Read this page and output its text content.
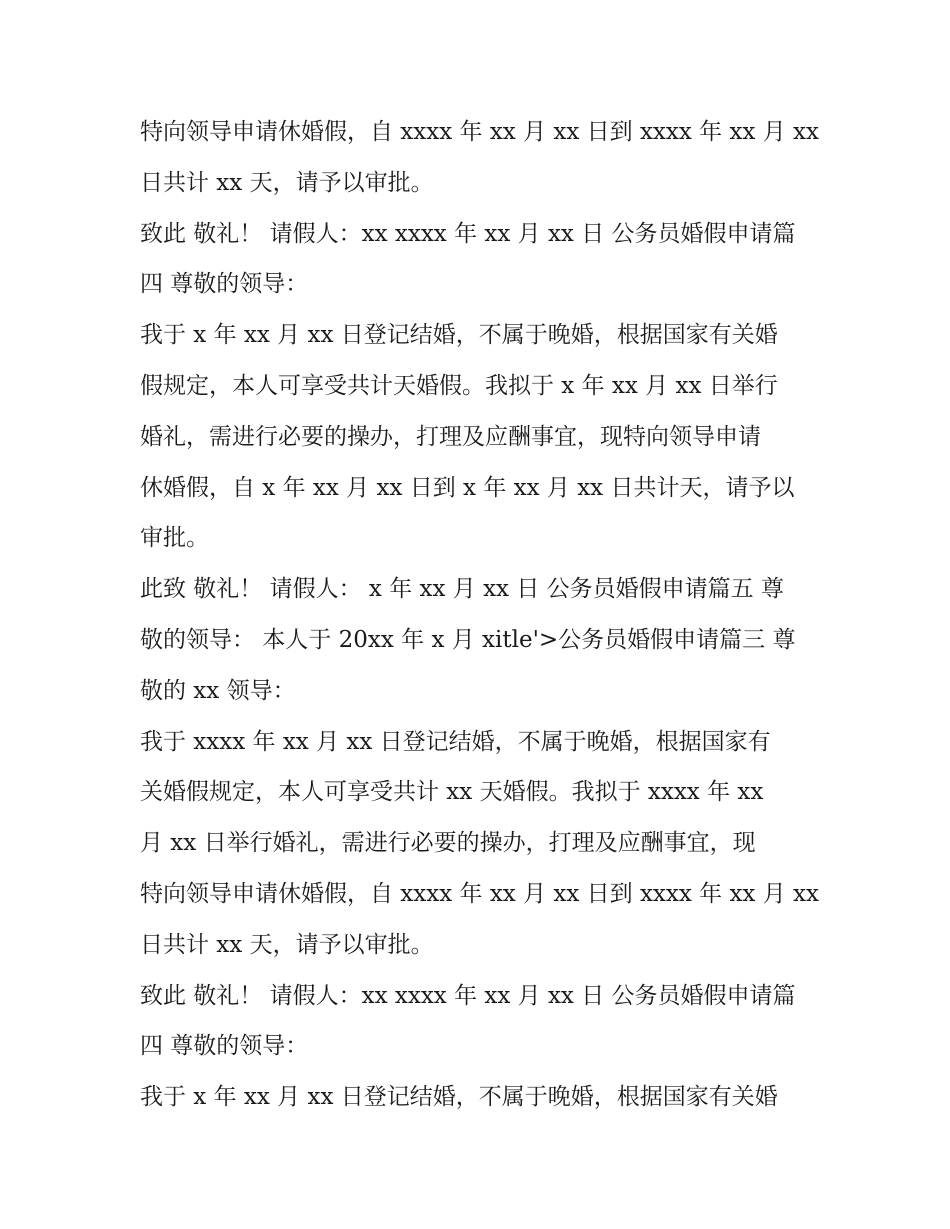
特向领导申请休婚假，自 xxxx 年 xx 月 xx 日到 xxxx 年 xx 月 xx
日共计 xx 天，请予以审批。
致此 敬礼！ 请假人：xx xxxx 年 xx 月 xx 日 公务员婚假申请篇
四 尊敬的领导：
我于 x 年 xx 月 xx 日登记结婚，不属于晚婚，根据国家有关婚
假规定，本人可享受共计天婚假。我拟于 x 年 xx 月 xx 日举行
婚礼，需进行必要的操办，打理及应酬事宜，现特向领导申请
休婚假，自 x 年 xx 月 xx 日到 x 年 xx 月 xx 日共计天，请予以
审批。
此致 敬礼！ 请假人： x 年 xx 月 xx 日 公务员婚假申请篇五 尊
敬的领导： 本人于 20xx 年 x 月 xitle'>公务员婚假申请篇三 尊
敬的 xx 领导：
我于 xxxx 年 xx 月 xx 日登记结婚，不属于晚婚，根据国家有
关婚假规定，本人可享受共计 xx 天婚假。我拟于 xxxx 年 xx
月 xx 日举行婚礼，需进行必要的操办，打理及应酬事宜，现
特向领导申请休婚假，自 xxxx 年 xx 月 xx 日到 xxxx 年 xx 月 xx
日共计 xx 天，请予以审批。
致此 敬礼！ 请假人：xx xxxx 年 xx 月 xx 日 公务员婚假申请篇
四 尊敬的领导：
我于 x 年 xx 月 xx 日登记结婚，不属于晚婚，根据国家有关婚
